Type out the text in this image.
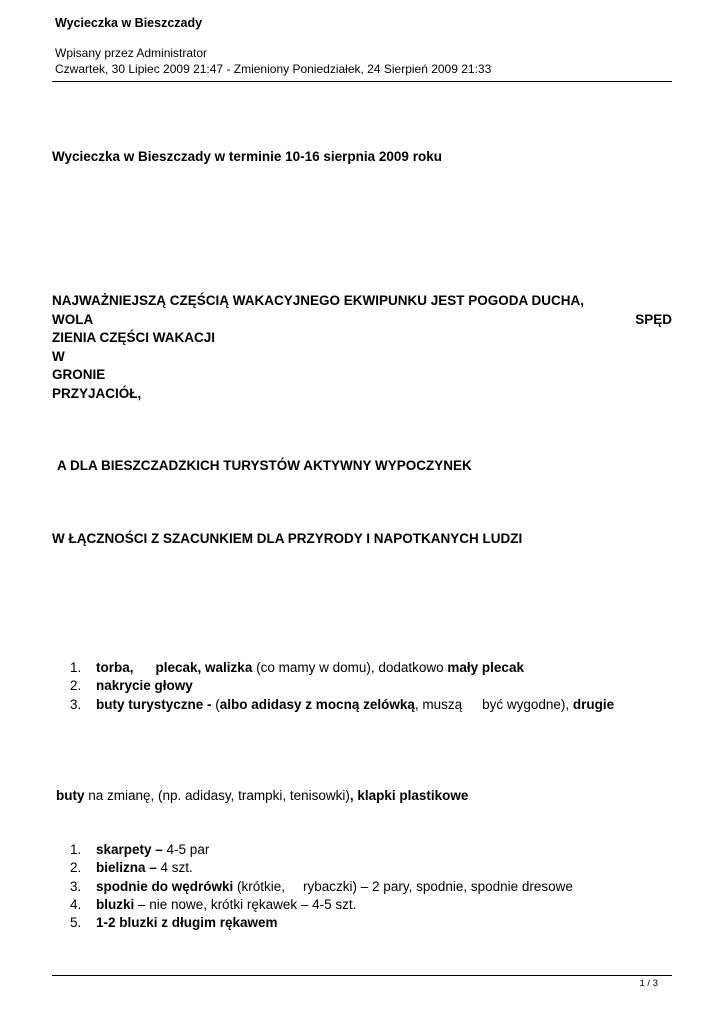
Wycieczka w Bieszczady
Wpisany przez Administrator
Czwartek, 30 Lipiec 2009 21:47 - Zmieniony Poniedziałek, 24 Sierpień 2009 21:33
Wycieczka w Bieszczady w terminie 10-16 sierpnia 2009 roku
NAJWAŻNIEJSZĄ CZĘŚCIĄ WAKACYJNEGO EKWIPUNKU JEST POGODA DUCHA,
WOLA	SPĘD
ZIENIA CZĘŚCI WAKACJI
W
GRONIE
PRZYJACIÓŁ,
A DLA BIESZCZADZKICH TURYSTÓW AKTYWNY WYPOCZYNEK
W ŁĄCZNOŚCI Z SZACUNKIEM DLA PRZYRODY I NAPOTKANYCH LUDZI
1. torba, plecak, walizka (co mamy w domu), dodatkowo mały plecak
2. nakrycie głowy
3. buty turystyczne - (albo adidasy z mocną zelówką, muszą być wygodne), drugie
buty na zmianę, (np. adidasy, trampki, tenisowki), klapki plastikowe
1. skarpety – 4-5 par
2. bielizna – 4 szt.
3. spodnie do wędrówki (krótkie, rybaczki) – 2 pary, spodnie, spodnie dresowe
4. bluzki – nie nowe, krótki rękawek – 4-5 szt.
5. 1-2 bluzki z długim rękawem
1 / 3
